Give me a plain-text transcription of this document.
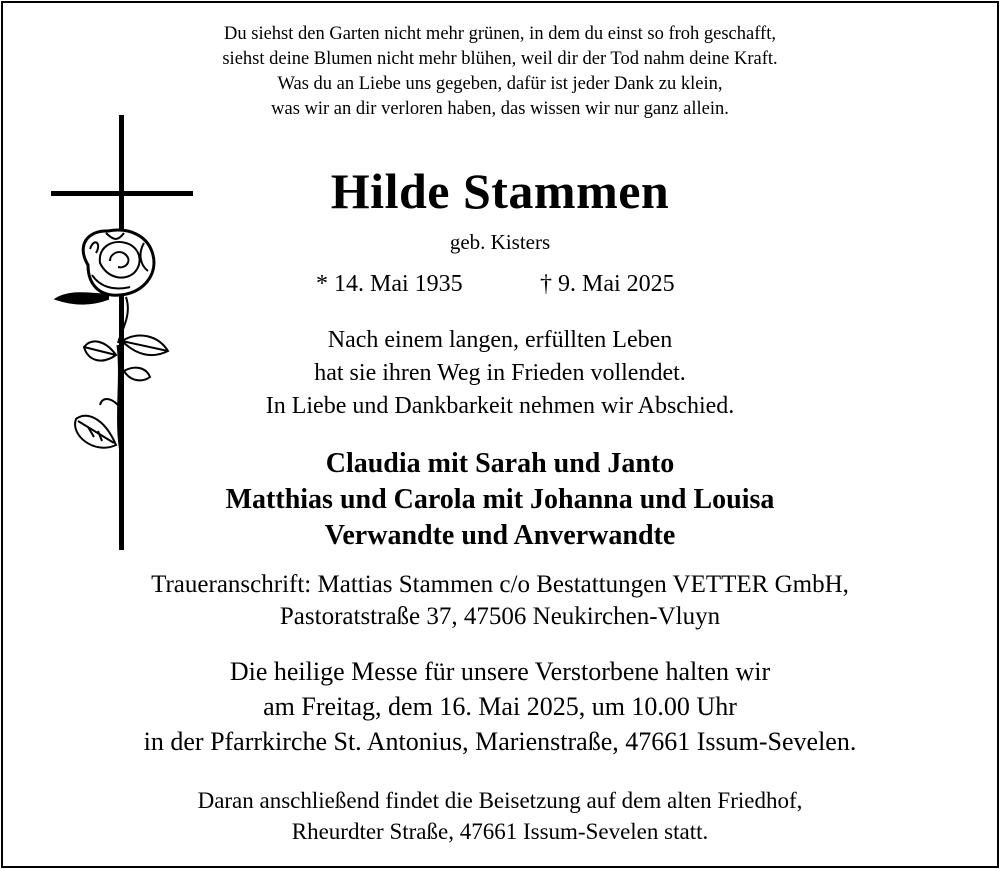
Du siehst den Garten nicht mehr grünen, in dem du einst so froh geschafft,
siehst deine Blumen nicht mehr blühen, weil dir der Tod nahm deine Kraft.
Was du an Liebe uns gegeben, dafür ist jeder Dank zu klein,
was wir an dir verloren haben, das wissen wir nur ganz allein.
Hilde Stammen
geb. Kisters
* 14. Mai 1935	† 9. Mai 2025
Nach einem langen, erfüllten Leben
hat sie ihren Weg in Frieden vollendet.
In Liebe und Dankbarkeit nehmen wir Abschied.
Claudia mit Sarah und Janto
Matthias und Carola mit Johanna und Louisa
Verwandte und Anverwandte
Traueranschrift: Mattias Stammen c/o Bestattungen VETTER GmbH,
Pastoratstraße 37, 47506 Neukirchen-Vluyn
Die heilige Messe für unsere Verstorbene halten wir
am Freitag, dem 16. Mai 2025, um 10.00 Uhr
in der Pfarrkirche St. Antonius, Marienstraße, 47661 Issum-Sevelen.
Daran anschließend findet die Beisetzung auf dem alten Friedhof,
Rheurdter Straße, 47661 Issum-Sevelen statt.
